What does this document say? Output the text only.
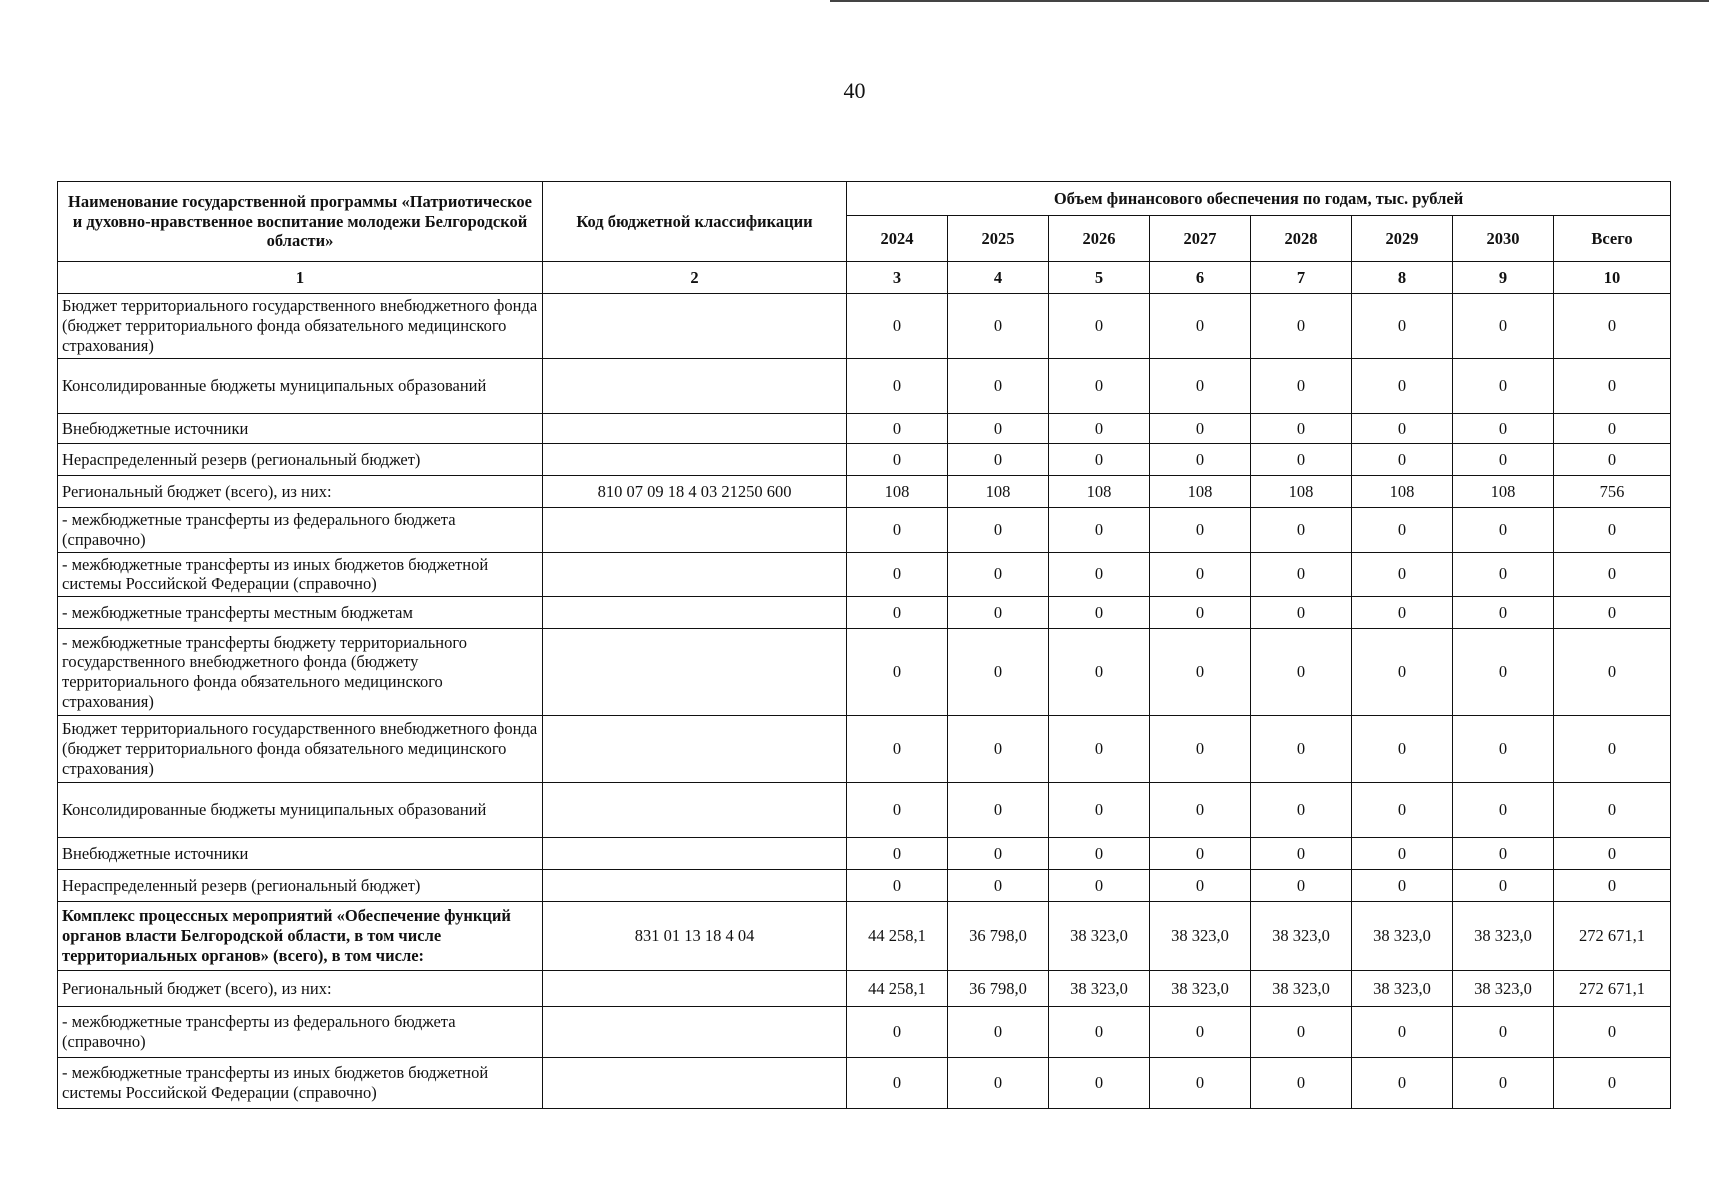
40
Наименование государственной программы «Патриотическое и духовно-нравственное воспитание молодежи Белгородской области»	Код бюджетной классификации	Объем финансового обеспечения по годам, тыс. рублей							
		2024	2025	2026	2027	2028	2029	2030	Всего
1	2	3	4	5	6	7	8	9	10
Бюджет территориального государственного внебюджетного фонда (бюджет территориального фонда обязательного медицинского страхования)		0	0	0	0	0	0	0	0
Консолидированные бюджеты муниципальных образований		0	0	0	0	0	0	0	0
Внебюджетные источники		0	0	0	0	0	0	0	0
Нераспределенный резерв (региональный бюджет)		0	0	0	0	0	0	0	0
Региональный бюджет (всего), из них:	810 07 09 18 4 03 21250 600	108	108	108	108	108	108	108	756
- межбюджетные трансферты из федерального бюджета (справочно)		0	0	0	0	0	0	0	0
- межбюджетные трансферты из иных бюджетов бюджетной системы Российской Федерации (справочно)		0	0	0	0	0	0	0	0
- межбюджетные трансферты местным бюджетам		0	0	0	0	0	0	0	0
- межбюджетные трансферты бюджету территориального государственного внебюджетного фонда (бюджету территориального фонда обязательного медицинского страхования)		0	0	0	0	0	0	0	0
Бюджет территориального государственного внебюджетного фонда (бюджет территориального фонда обязательного медицинского страхования)		0	0	0	0	0	0	0	0
Консолидированные бюджеты муниципальных образований		0	0	0	0	0	0	0	0
Внебюджетные источники		0	0	0	0	0	0	0	0
Нераспределенный резерв (региональный бюджет)		0	0	0	0	0	0	0	0
Комплекс процессных мероприятий «Обеспечение функций органов власти Белгородской области, в том числе территориальных органов» (всего), в том числе:	831 01 13 18 4 04	44 258,1	36 798,0	38 323,0	38 323,0	38 323,0	38 323,0	38 323,0	272 671,1
Региональный бюджет (всего), из них:		44 258,1	36 798,0	38 323,0	38 323,0	38 323,0	38 323,0	38 323,0	272 671,1
- межбюджетные трансферты из федерального бюджета (справочно)		0	0	0	0	0	0	0	0
- межбюджетные трансферты из иных бюджетов бюджетной системы Российской Федерации (справочно)		0	0	0	0	0	0	0	0
